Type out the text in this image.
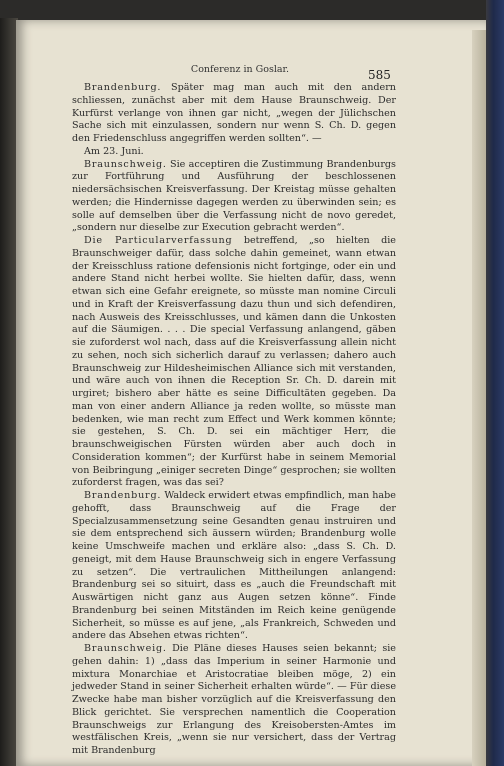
Conferenz in Goslar.	585

Brandenburg. Später mag man auch mit den andern schliessen, zunächst aber mit dem Hause Braunschweig. Der Kurfürst verlange von ihnen gar nicht, „wegen der Jülichschen Sache sich mit einzulassen, sondern nur wenn S. Ch. D. gegen den Friedenschluss angegriffen werden sollten“. —

Am 23. Juni.

Braunschweig. Sie acceptiren die Zustimmung Brandenburgs zur Fortführung und Ausführung der beschlossenen niedersächsischen Kreisverfassung. Der Kreistag müsse gehalten werden; die Hindernisse dagegen werden zu überwinden sein; es solle auf demselben über die Verfassung nicht de novo geredet, „sondern nur dieselbe zur Execution gebracht werden“.

Die Particularverfassung betreffend, „so hielten die Braunschweiger dafür, dass solche dahin gemeinet, wann etwan der Kreisschluss ratione defensionis nicht fortginge, oder ein und andere Stand nicht herbei wollte. Sie hielten dafür, dass, wenn etwan sich eine Gefahr ereignete, so müsste man nomine Circuli und in Kraft der Kreisverfassung dazu thun und sich defendiren, nach Ausweis des Kreisschlusses, und kämen dann die Unkosten auf die Säumigen. . . . Die special Verfassung anlangend, gäben sie zuforderst wol nach, dass auf die Kreisverfassung allein nicht zu sehen, noch sich sicherlich darauf zu verlassen; dahero auch Braunschweig zur Hildesheimischen Alliance sich mit verstanden, und wäre auch von ihnen die Reception Sr. Ch. D. darein mit urgiret; bishero aber hätte es seine Difficultäten gegeben. Da man von einer andern Alliance ja reden wollte, so müsste man bedenken, wie man recht zum Effect und Werk kommen könnte; sie gestehen, S. Ch. D. sei ein mächtiger Herr, die braunschweigischen Fürsten würden aber auch doch in Consideration kommen“; der Kurfürst habe in seinem Memorial von Beibringung „einiger secreten Dinge“ gesprochen; sie wollten zuforderst fragen, was das sei?

Brandenburg. Waldeck erwidert etwas empfindlich, man habe gehofft, dass Braunschweig auf die Frage der Specialzusammensetzung seine Gesandten genau instruiren und sie dem entsprechend sich äussern würden; Brandenburg wolle keine Umschweife machen und erkläre also: „dass S. Ch. D. geneigt, mit dem Hause Braunschweig sich in engere Verfassung zu setzen“. Die vertraulichen Mittheilungen anlangend: Brandenburg sei so situirt, dass es „auch die Freundschaft mit Auswärtigen nicht ganz aus Augen setzen könne“. Finde Brandenburg bei seinen Mitständen im Reich keine genügende Sicherheit, so müsse es auf jene, „als Frankreich, Schweden und andere das Absehen etwas richten“.

Braunschweig. Die Pläne dieses Hauses seien bekannt; sie gehen dahin: 1) „dass das Imperium in seiner Harmonie und mixtura Monarchiae et Aristocratiae bleiben möge, 2) ein jedweder Stand in seiner Sicherheit erhalten würde“. — Für diese Zwecke habe man bisher vorzüglich auf die Kreisverfassung den Blick gerichtet. Sie versprechen namentlich die Cooperation Braunschweigs zur Erlangung des Kreisobersten-Amtes im westfälischen Kreis, „wenn sie nur versichert, dass der Vertrag mit Brandenburg
